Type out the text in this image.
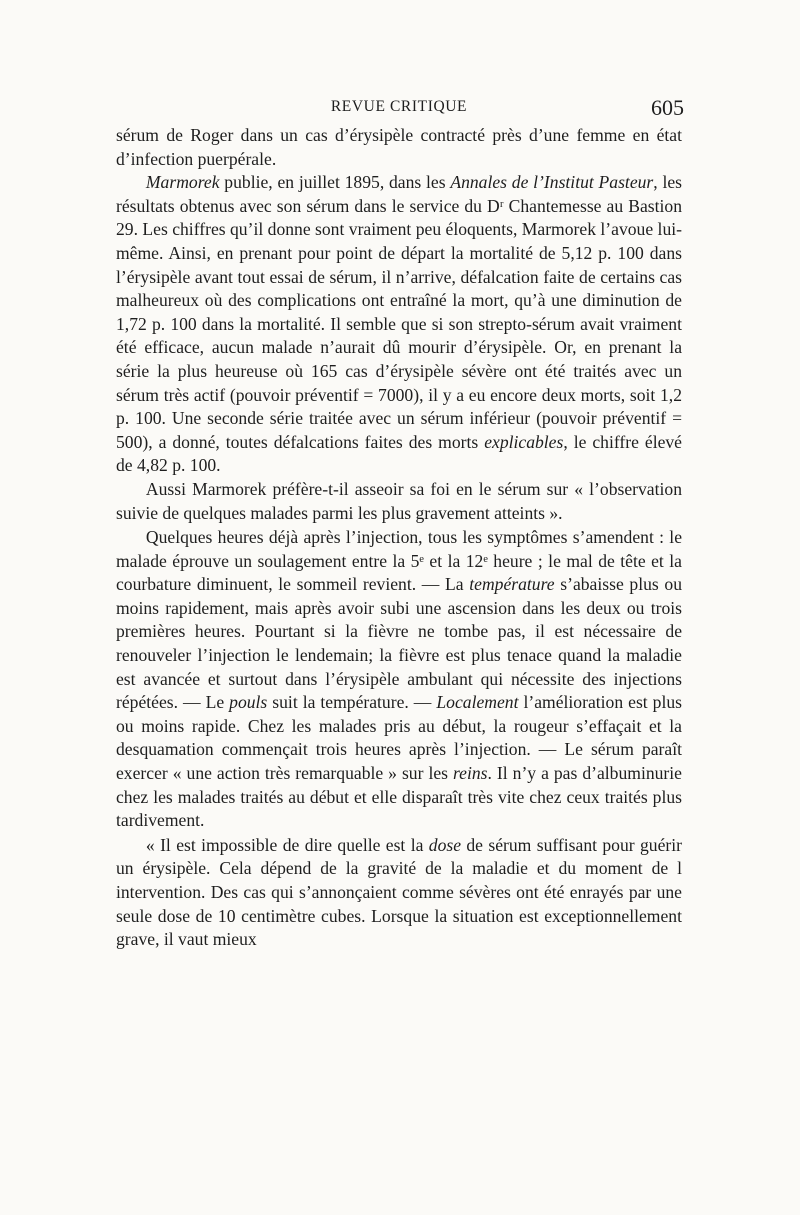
REVUE CRITIQUE	605

sérum de Roger dans un cas d’érysipèle contracté près d’une femme en état d’infection puerpérale.

Marmorek publie, en juillet 1895, dans les Annales de l’Institut Pasteur, les résultats obtenus avec son sérum dans le service du Dʳ Chantemesse au Bastion 29. Les chiffres qu’il donne sont vraiment peu éloquents, Marmorek l’avoue lui-même. Ainsi, en prenant pour point de départ la mortalité de 5,12 p. 100 dans l’érysipèle avant tout essai de sérum, il n’arrive, défalcation faite de certains cas malheureux où des complications ont entraîné la mort, qu’à une diminution de 1,72 p. 100 dans la mortalité. Il semble que si son strepto-sérum avait vraiment été efficace, aucun malade n’aurait dû mourir d’érysipèle. Or, en prenant la série la plus heureuse où 165 cas d’érysipèle sévère ont été traités avec un sérum très actif (pouvoir préventif = 7000), il y a eu encore deux morts, soit 1,2 p. 100. Une seconde série traitée avec un sérum inférieur (pouvoir préventif = 500), a donné, toutes défalcations faites des morts explicables, le chiffre élevé de 4,82 p. 100.

Aussi Marmorek préfère-t-il asseoir sa foi en le sérum sur « l’observation suivie de quelques malades parmi les plus gravement atteints ».

Quelques heures déjà après l’injection, tous les symptômes s’amendent : le malade éprouve un soulagement entre la 5ᵉ et la 12ᵉ heure ; le mal de tête et la courbature diminuent, le sommeil revient. — La température s’abaisse plus ou moins rapidement, mais après avoir subi une ascension dans les deux ou trois premières heures. Pourtant si la fièvre ne tombe pas, il est nécessaire de renouveler l’injection le lendemain; la fièvre est plus tenace quand la maladie est avancée et surtout dans l’érysipèle ambulant qui nécessite des injections répétées. — Le pouls suit la température. — Localement l’amélioration est plus ou moins rapide. Chez les malades pris au début, la rougeur s’effaçait et la desquamation commençait trois heures après l’injection. — Le sérum paraît exercer « une action très remarquable » sur les reins. Il n’y a pas d’albuminurie chez les malades traités au début et elle disparaît très vite chez ceux traités plus tardivement.

« Il est impossible de dire quelle est la dose de sérum suffisant pour guérir un érysipèle. Cela dépend de la gravité de la maladie et du moment de l intervention. Des cas qui s’annonçaient comme sévères ont été enrayés par une seule dose de 10 centimètre cubes. Lorsque la situation est exceptionnellement grave, il vaut mieux
